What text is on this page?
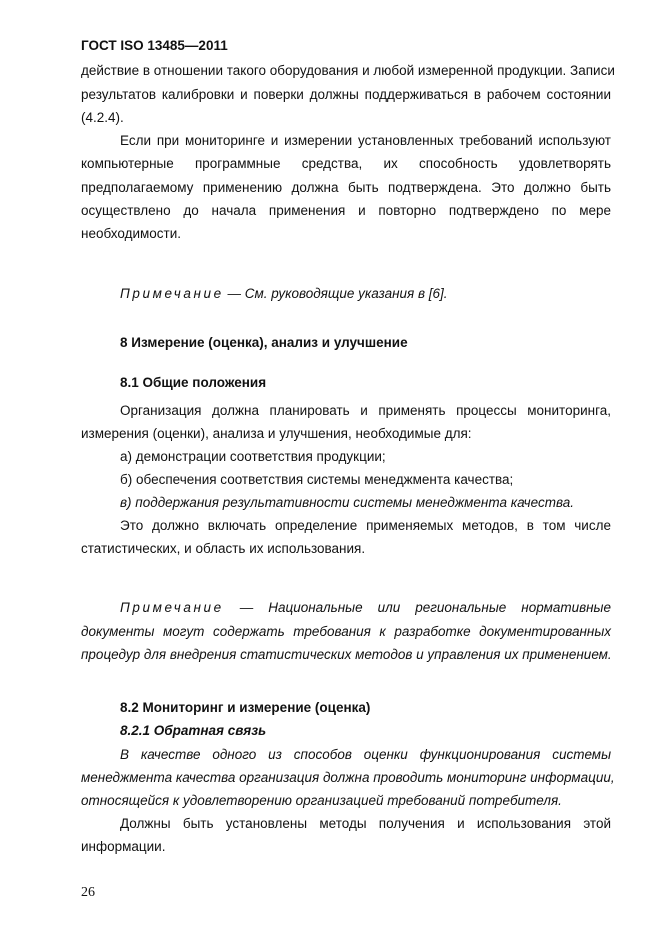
ГОСТ ISO 13485—2011
действие в отношении такого оборудования и любой измеренной продукции. Записи
результатов калибровки и поверки должны поддерживаться в рабочем состоянии
(4.2.4).
Если при мониторинге и измерении установленных требований используют
компьютерные программные средства, их способность удовлетворять
предполагаемому применению должна быть подтверждена. Это должно быть
осуществлено до начала применения и повторно подтверждено по мере
необходимости.
Примечание — См. руководящие указания в [6].
8 Измерение (оценка), анализ и улучшение
8.1 Общие положения
Организация должна планировать и применять процессы мониторинга,
измерения (оценки), анализа и улучшения, необходимые для:
а) демонстрации соответствия продукции;
б) обеспечения соответствия системы менеджмента качества;
в) поддержания результативности системы менеджмента качества.
Это должно включать определение применяемых методов, в том числе
статистических, и область их использования.
Примечание — Национальные или региональные нормативные
документы могут содержать требования к разработке документированных
процедур для внедрения статистических методов и управления их применением.
8.2 Мониторинг и измерение (оценка)
8.2.1 Обратная связь
В качестве одного из способов оценки функционирования системы
менеджмента качества организация должна проводить мониторинг информации,
относящейся к удовлетворению организацией требований потребителя.
Должны быть установлены методы получения и использования этой
информации.
26
